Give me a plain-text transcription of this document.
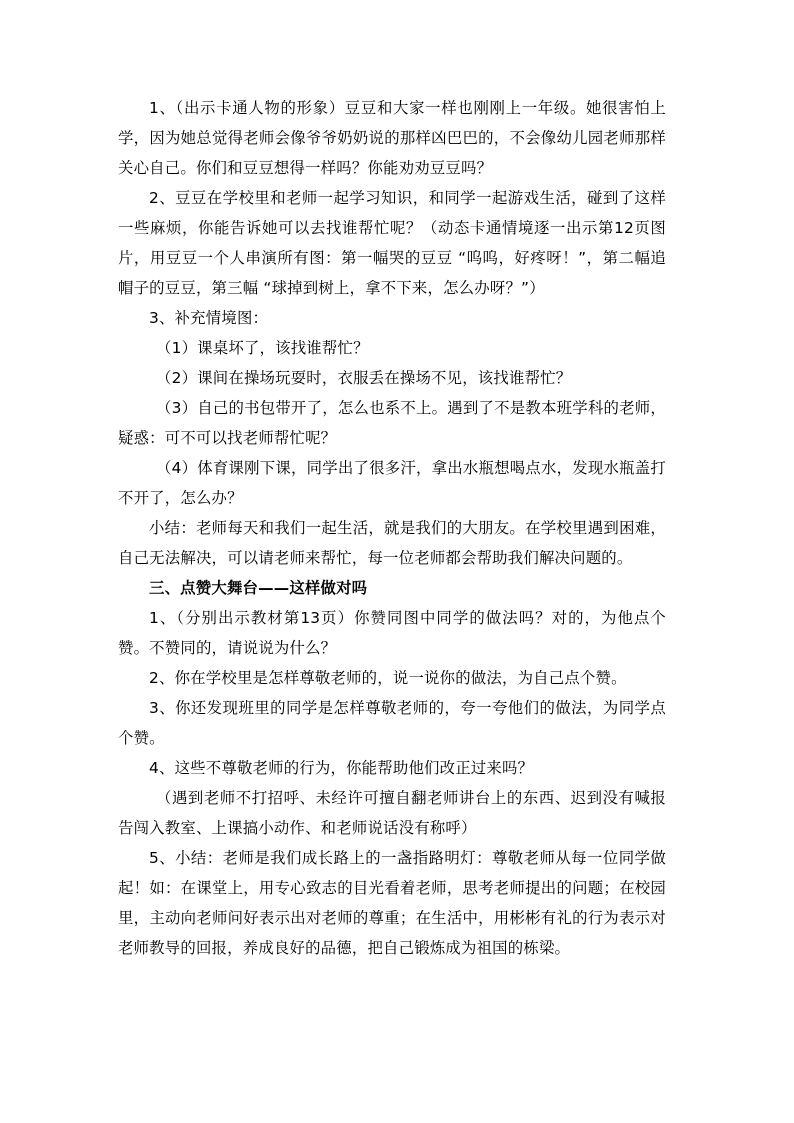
1、（出示卡通人物的形象）豆豆和大家一样也刚刚上一年级。她很害怕上学，因为她总觉得老师会像爷爷奶奶说的那样凶巴巴的，不会像幼儿园老师那样关心自己。你们和豆豆想得一样吗？你能劝劝豆豆吗？

2、豆豆在学校里和老师一起学习知识，和同学一起游戏生活，碰到了这样一些麻烦，你能告诉她可以去找谁帮忙呢？（动态卡通情境逐一出示第12页图片，用豆豆一个人串演所有图：第一幅哭的豆豆 “呜呜，好疼呀！”，第二幅追帽子的豆豆，第三幅 “球掉到树上，拿不下来，怎么办呀？”）

3、补充情境图：

（1）课桌坏了，该找谁帮忙？

（2）课间在操场玩耍时，衣服丢在操场不见，该找谁帮忙？

（3）自己的书包带开了，怎么也系不上。遇到了不是教本班学科的老师，疑惑：可不可以找老师帮忙呢？

（4）体育课刚下课，同学出了很多汗，拿出水瓶想喝点水，发现水瓶盖打不开了，怎么办？

小结：老师每天和我们一起生活，就是我们的大朋友。在学校里遇到困难，自己无法解决，可以请老师来帮忙，每一位老师都会帮助我们解决问题的。

三、点赞大舞台——这样做对吗

1、（分别出示教材第13页）你赞同图中同学的做法吗？对的，为他点个赞。不赞同的，请说说为什么？

2、你在学校里是怎样尊敬老师的，说一说你的做法，为自己点个赞。

3、你还发现班里的同学是怎样尊敬老师的，夸一夸他们的做法，为同学点个赞。

4、这些不尊敬老师的行为，你能帮助他们改正过来吗？

（遇到老师不打招呼、未经许可擅自翻老师讲台上的东西、迟到没有喊报告闯入教室、上课搞小动作、和老师说话没有称呼）

5、小结：老师是我们成长路上的一盏指路明灯：尊敬老师从每一位同学做起！如：在课堂上，用专心致志的目光看着老师，思考老师提出的问题；在校园里，主动向老师问好表示出对老师的尊重；在生活中，用彬彬有礼的行为表示对老师教导的回报，养成良好的品德，把自己锻炼成为祖国的栋梁。
